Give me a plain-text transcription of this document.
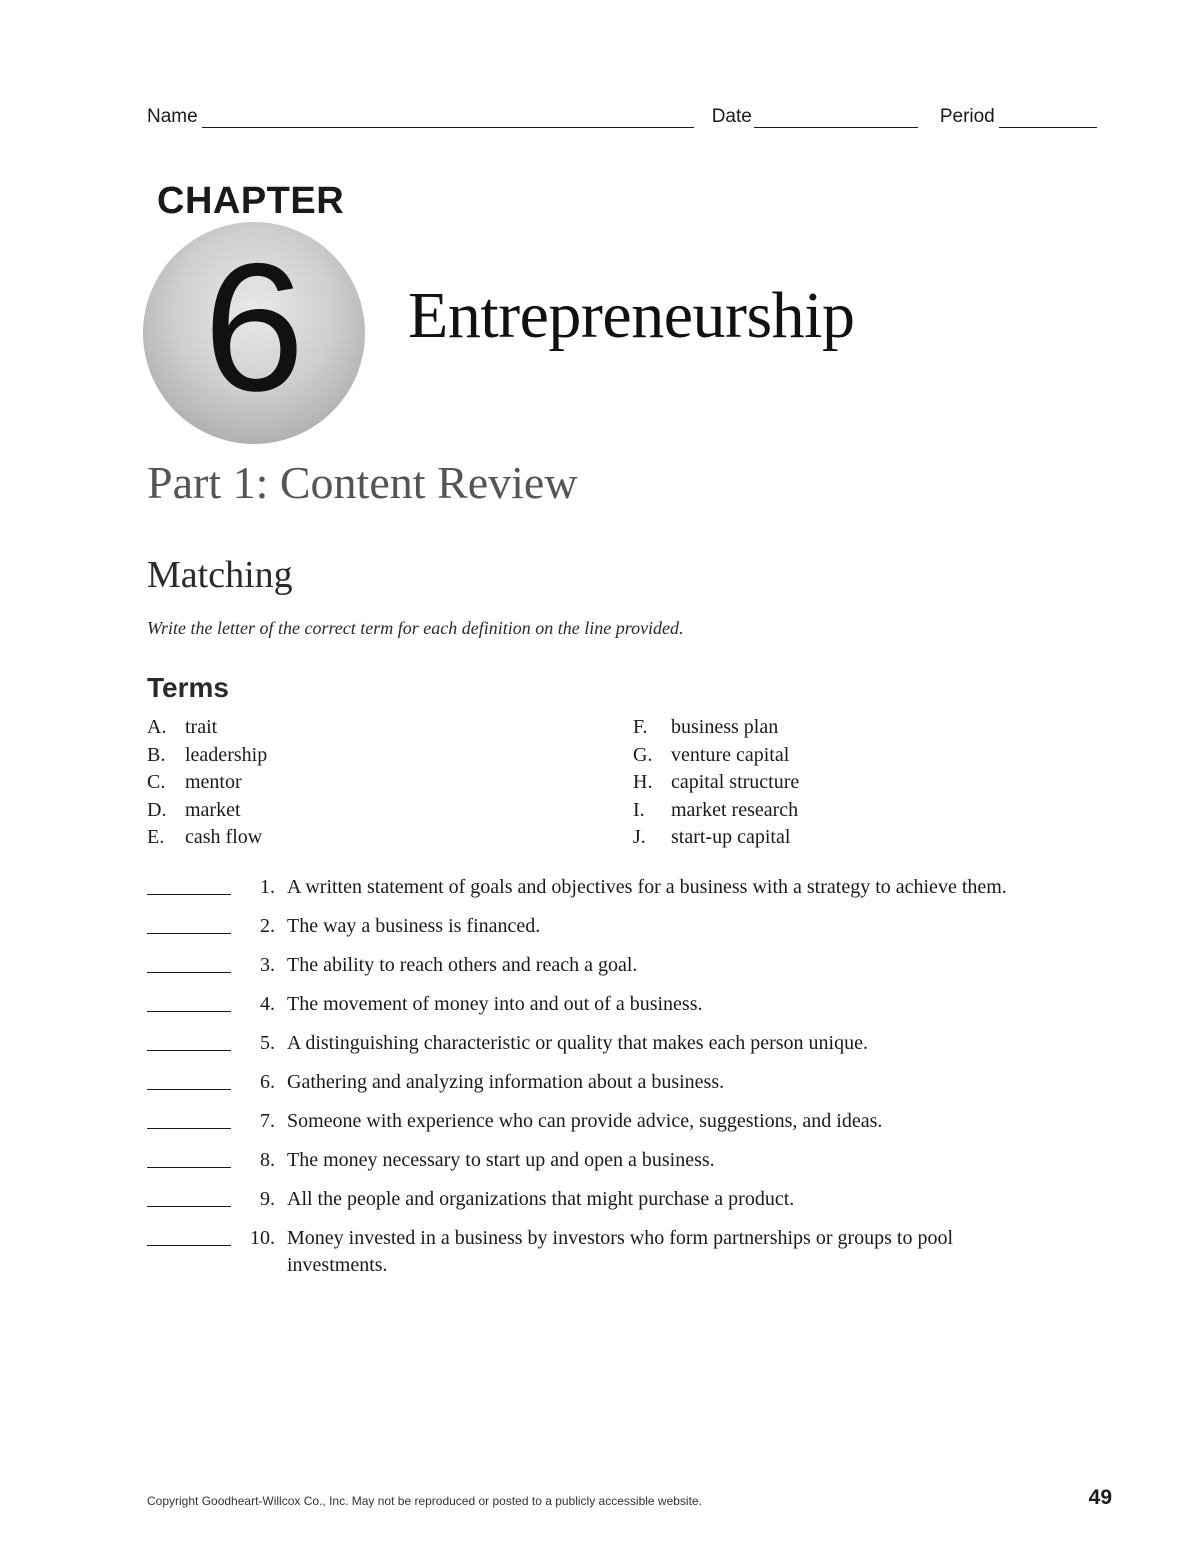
Name	Date	Period
CHAPTER
6	Entrepreneurship
Part 1: Content Review
Matching
Write the letter of the correct term for each definition on the line provided.
Terms
A. trait
B. leadership
C. mentor
D. market
E.	cash flow
F.	business plan
G. venture capital
H. capital structure
I.	market research
J.	start-up capital
1. A written statement of goals and objectives for a business with a strategy to achieve them.
2. The way a business is financed.
3. The ability to reach others and reach a goal.
4. The movement of money into and out of a business.
5. A distinguishing characteristic or quality that makes each person unique.
6. Gathering and analyzing information about a business.
7. Someone with experience who can provide advice, suggestions, and ideas.
8. The money necessary to start up and open a business.
9. All the people and organizations that might purchase a product.
10. Money invested in a business by investors who form partnerships or groups to pool investments.
Copyright Goodheart-Willcox Co., Inc. May not be reproduced or posted to a publicly accessible website.	49
